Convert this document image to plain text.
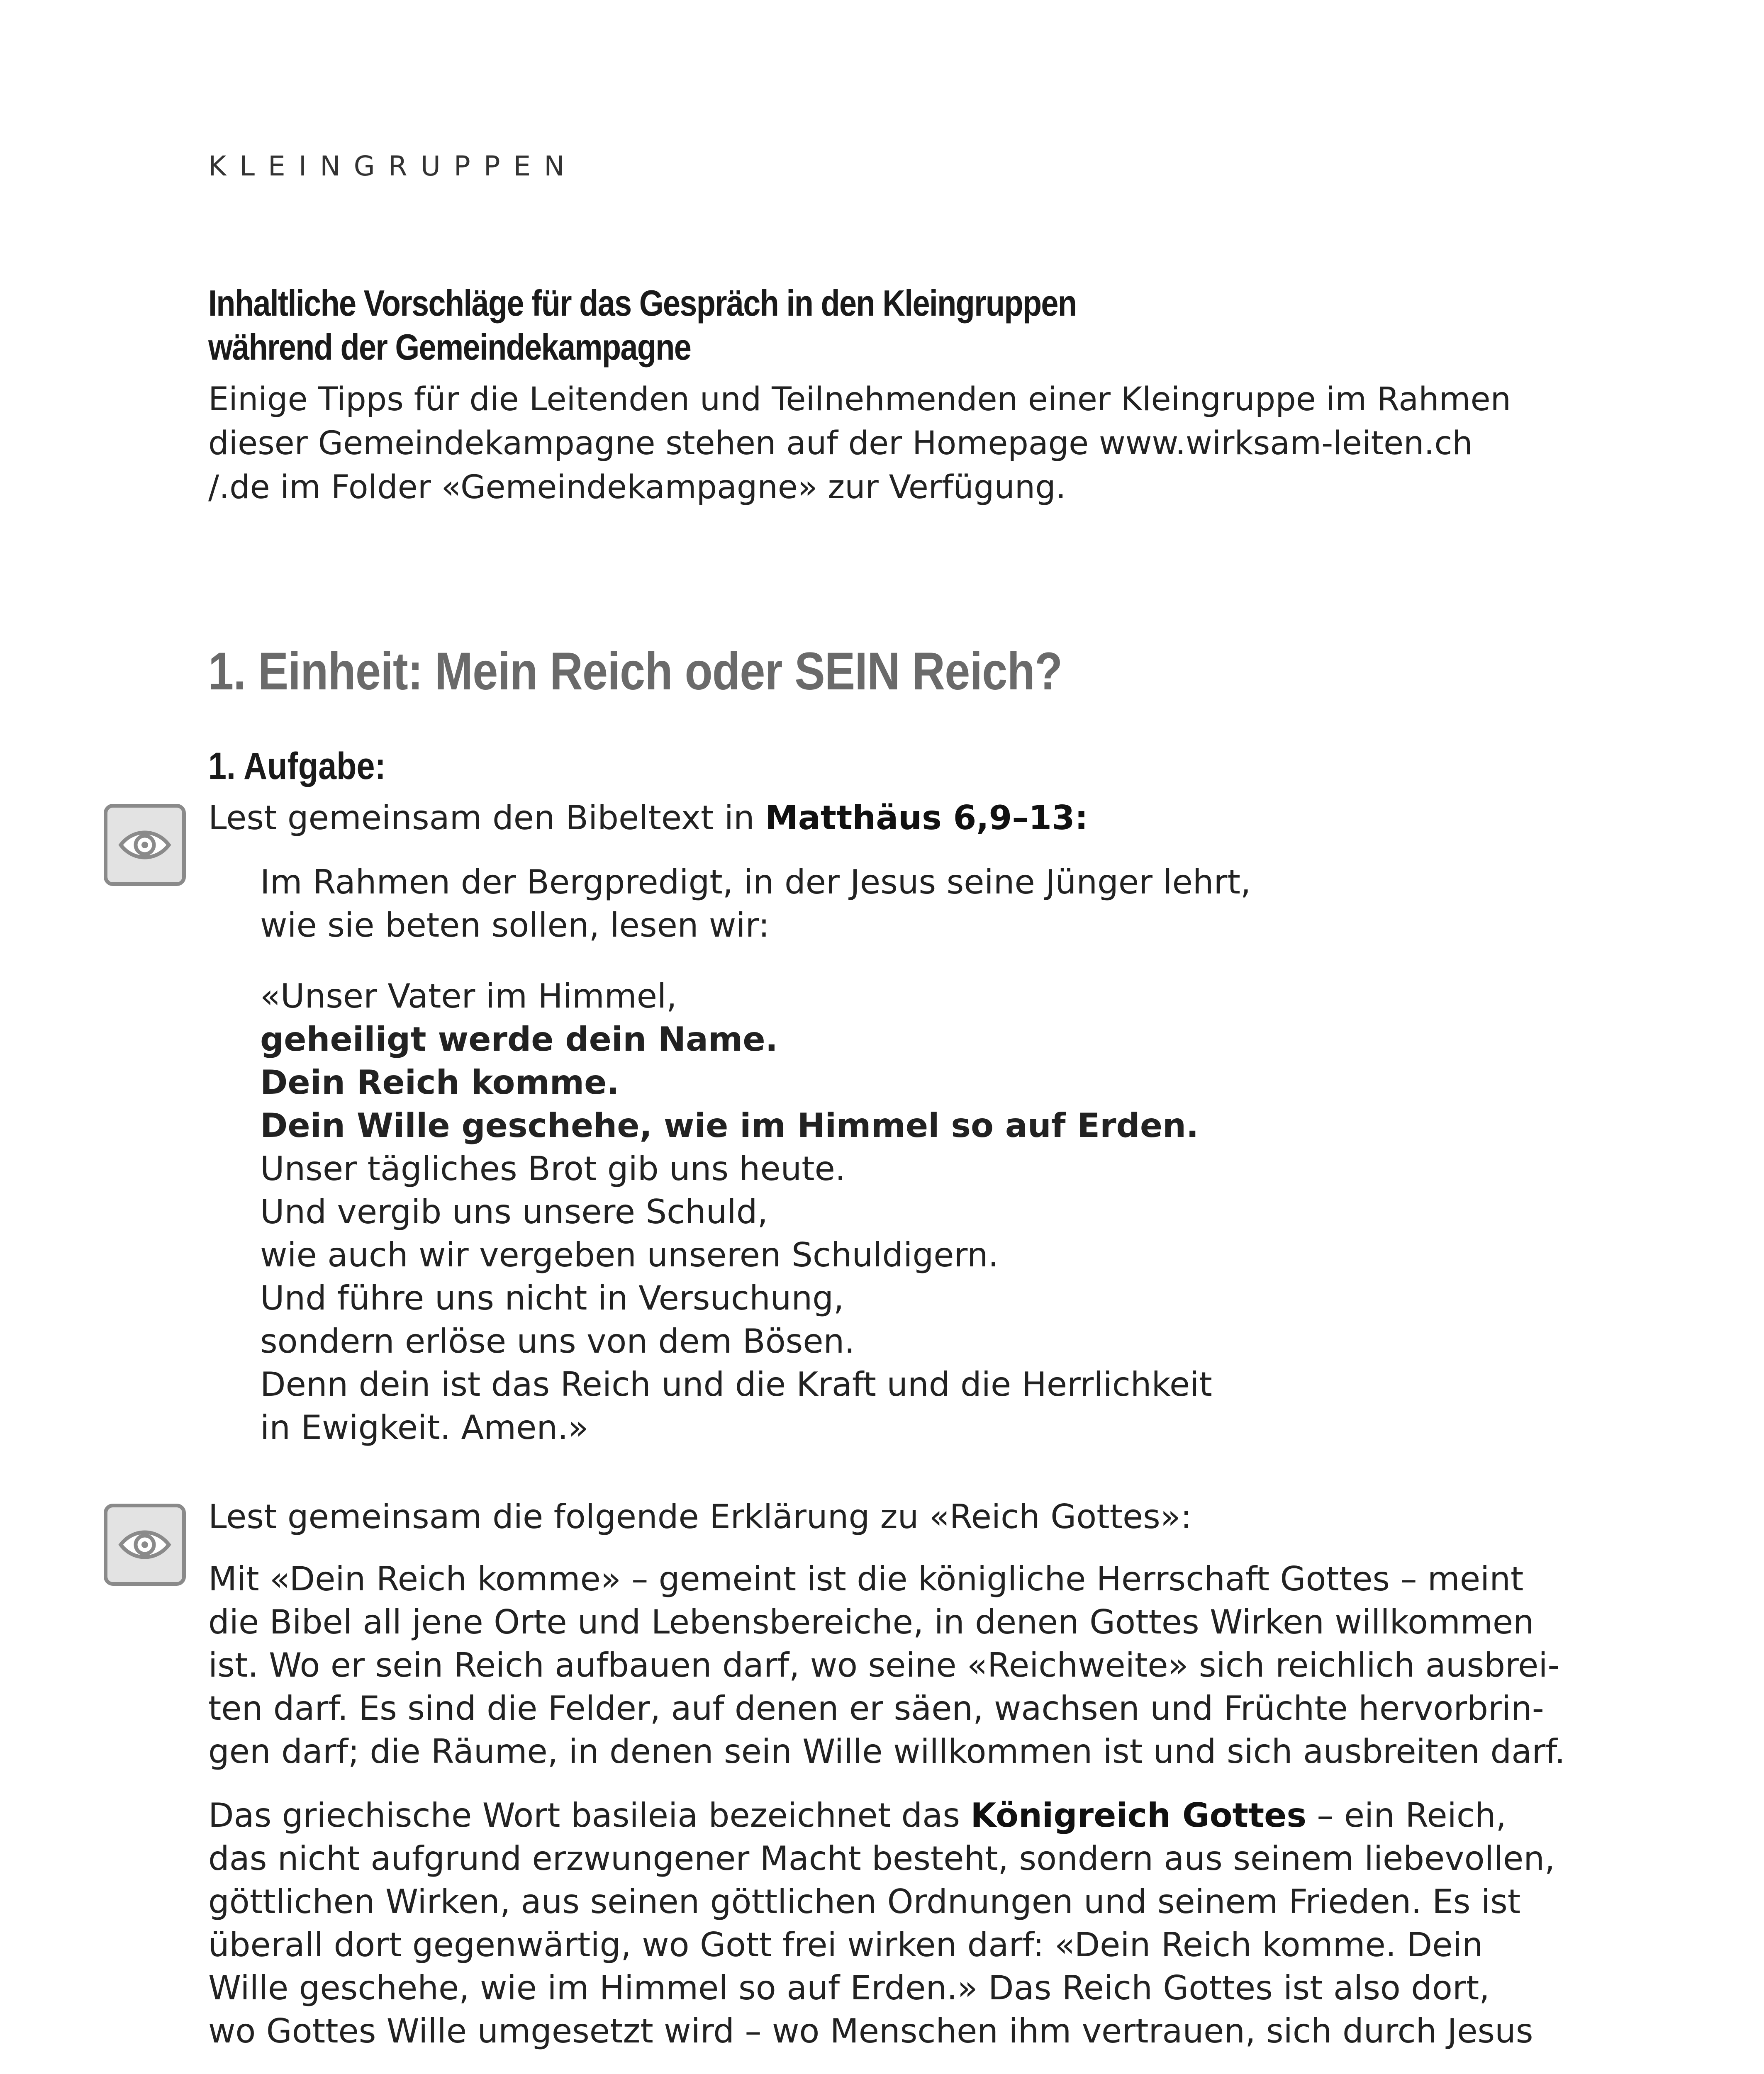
KLEINGRUPPEN
Inhaltliche Vorschläge für das Gespräch in den Kleingruppen
während der Gemeindekampagne
Einige Tipps für die Leitenden und Teilnehmenden einer Kleingruppe im Rahmen
dieser Gemeindekampagne stehen auf der Homepage www.wirksam-leiten.ch
/.de im Folder «Gemeindekampagne» zur Verfügung.
1. Einheit: Mein Reich oder SEIN Reich?
1. Aufgabe:
Lest gemeinsam den Bibeltext in Matthäus 6,9–13:
Im Rahmen der Bergpredigt, in der Jesus seine Jünger lehrt,
wie sie beten sollen, lesen wir:
«Unser Vater im Himmel,
geheiligt werde dein Name.
Dein Reich komme.
Dein Wille geschehe, wie im Himmel so auf Erden.
Unser tägliches Brot gib uns heute.
Und vergib uns unsere Schuld,
wie auch wir vergeben unseren Schuldigern.
Und führe uns nicht in Versuchung,
sondern erlöse uns von dem Bösen.
Denn dein ist das Reich und die Kraft und die Herrlichkeit
in Ewigkeit. Amen.»
Lest gemeinsam die folgende Erklärung zu «Reich Gottes»:
Mit «Dein Reich komme» – gemeint ist die königliche Herrschaft Gottes – meint
die Bibel all jene Orte und Lebensbereiche, in denen Gottes Wirken willkommen
ist. Wo er sein Reich aufbauen darf, wo seine «Reichweite» sich reichlich ausbrei-
ten darf. Es sind die Felder, auf denen er säen, wachsen und Früchte hervorbrin-
gen darf; die Räume, in denen sein Wille willkommen ist und sich ausbreiten darf.
Das griechische Wort basileia bezeichnet das Königreich Gottes – ein Reich,
das nicht aufgrund erzwungener Macht besteht, sondern aus seinem liebevollen,
göttlichen Wirken, aus seinen göttlichen Ordnungen und seinem Frieden. Es ist
überall dort gegenwärtig, wo Gott frei wirken darf: «Dein Reich komme. Dein
Wille geschehe, wie im Himmel so auf Erden.» Das Reich Gottes ist also dort,
wo Gottes Wille umgesetzt wird – wo Menschen ihm vertrauen, sich durch Jesus
